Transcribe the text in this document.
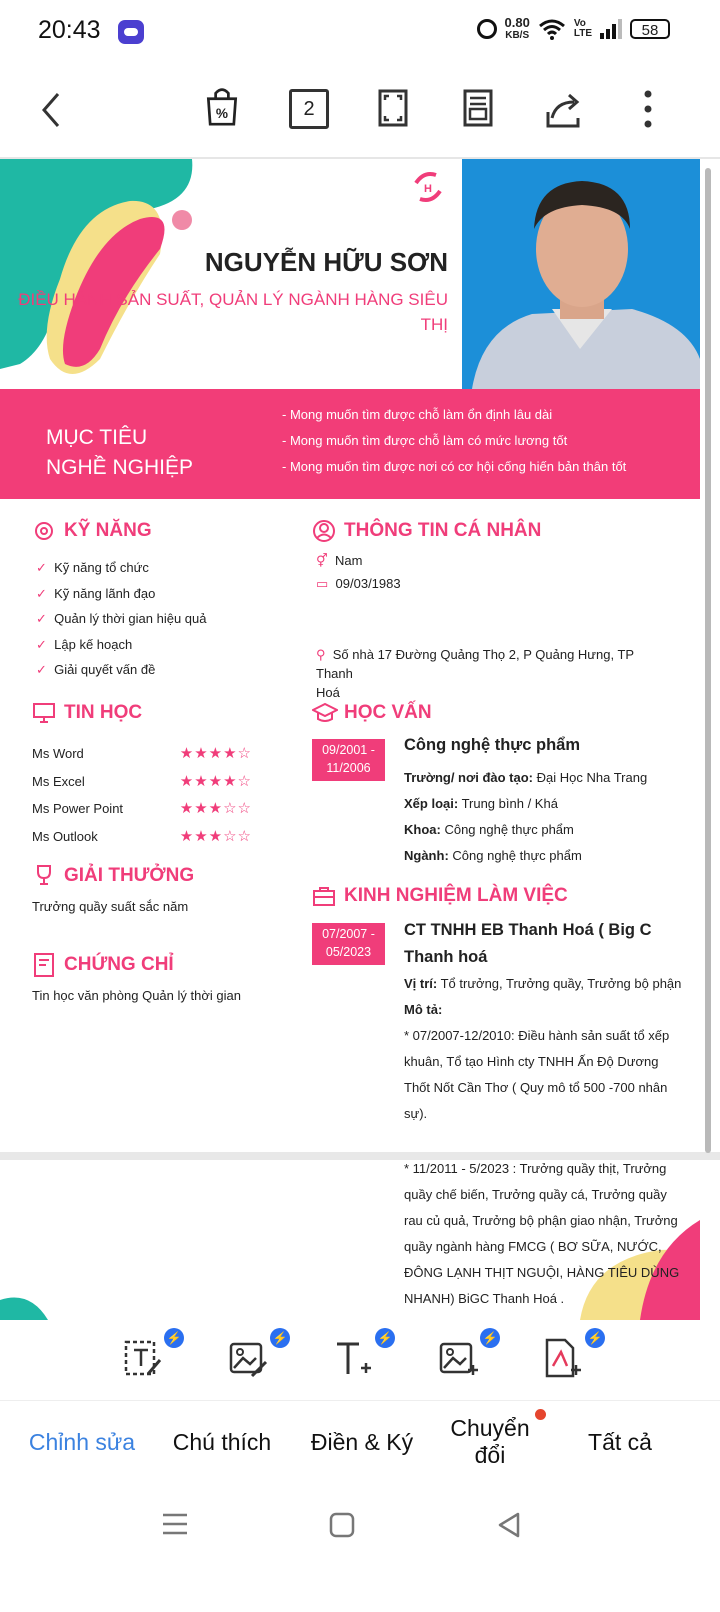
20:43	0.80
KB/S
Vo
LTE	58
%	2
H
NGUYỄN HỮU SƠN
ĐIỀU HÀNH SẢN SUẤT, QUẢN LÝ NGÀNH HÀNG SIÊU
THỊ
MỤC TIÊU
NGHỀ NGHIỆP
- Mong muốn tìm được chỗ làm ổn định lâu dài
- Mong muốn tìm được chỗ làm có mức lương tốt
- Mong muốn tìm được nơi có cơ hội cống hiến bản thân tốt
KỸ NĂNG
✓ Kỹ năng tổ chức
✓ Kỹ năng lãnh đạo
✓ Quản lý thời gian hiệu quả
✓ Lập kế hoạch
✓ Giải quyết vấn đề
TIN HỌC
Ms Word	★★★★☆
Ms Excel	★★★★☆
Ms Power Point	★★★☆☆
Ms Outlook	★★★☆☆
GIẢI THƯỞNG
Trưởng quầy suất sắc năm
CHỨNG CHỈ
Tin học văn phòng Quản lý thời gian
THÔNG TIN CÁ NHÂN
⚥ Nam
▭ 09/03/1983
⚲ Số nhà 17 Đường Quảng Thọ 2, P Quảng Hưng, TP Thanh
Hoá
HỌC VẤN
09/2001 -
11/2006
Công nghệ thực phẩm
Trường/ nơi đào tạo: Đại Học Nha Trang
Xếp loại: Trung bình / Khá
Khoa: Công nghệ thực phẩm
Ngành: Công nghệ thực phẩm
KINH NGHIỆM LÀM VIỆC
07/2007 -
05/2023
CT TNHH EB Thanh Hoá ( Big C
Thanh hoá
Vị trí: Tổ trưởng, Trưởng quầy, Trưởng bộ phận
Mô tả:
* 07/2007-12/2010: Điều hành sản suất tổ xếp
khuân, Tổ tạo Hình cty TNHH Ấn Độ Dương
Thốt Nốt Cần Thơ ( Quy mô tổ 500 -700 nhân
sự).
* 11/2011 - 5/2023 : Trưởng quầy thịt, Trưởng
quầy chế biến, Trưởng quầy cá, Trưởng quầy
rau củ quả, Trưởng bộ phận giao nhận, Trưởng
quầy ngành hàng FMCG ( BƠ SỮA, NƯỚC,
ĐÔNG LẠNH THỊT NGUỘI, HÀNG TIÊU DÙNG
NHANH) BiGC Thanh Hoá .
⚡	⚡	⚡	⚡	⚡
Chỉnh sửa	Chú thích	Điền & Ký
Chuyển
đổi	Tất cả
